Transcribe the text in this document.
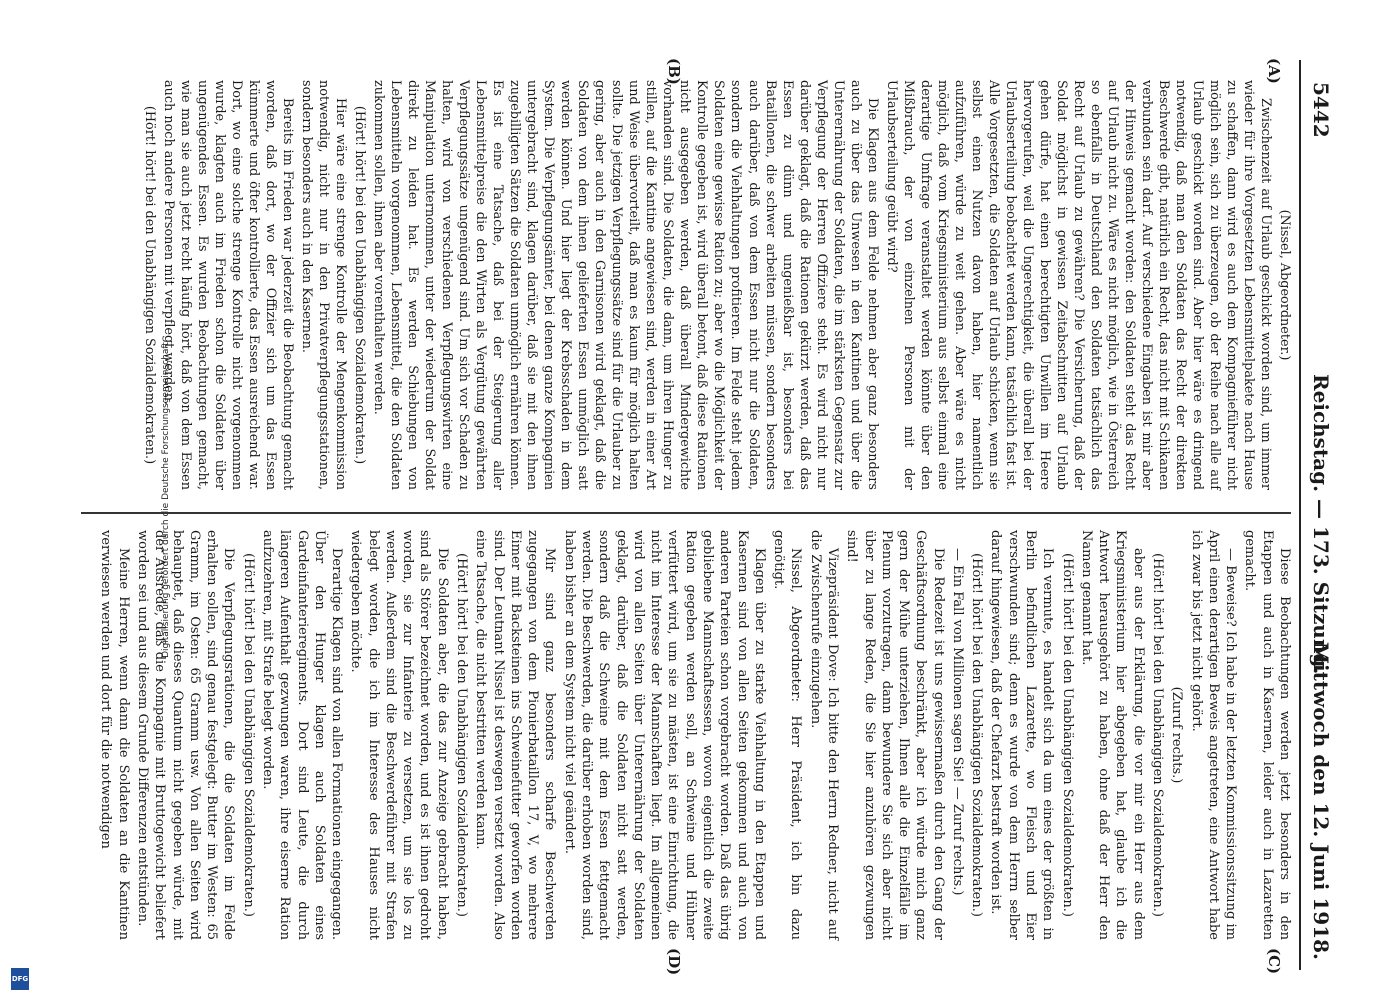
Digitalisierung gefördert durch die Deutsche Forschungsgemeinschaft
DFG
5442
Reichstag. — 173. Sitzung.
Mittwoch den 12. Juni 1918.
(A)
(B)
(C)
(D)

(Nissel, Abgeordneter.)

Zwischenzeit auf Urlaub geschickt worden sind, um immer wieder für ihre Vorgesetzten Lebensmittelpakete nach Hause zu schaffen, dann wird es auch dem Kompagnieführer nicht möglich sein, sich zu überzeugen, ob der Reihe nach alle auf Urlaub geschickt worden sind. Aber hier wäre es dringend notwendig, daß man den Soldaten das Recht der direkten Beschwerde gibt, natürlich ein Recht, das nicht mit Schikanen verbunden sein darf. Auf verschiedene Eingaben ist mir aber der Hinweis gemacht worden: den Soldaten steht das Recht auf Urlaub nicht zu. Wäre es nicht möglich, wie in Österreich so ebenfalls in Deutschland den Soldaten tatsächlich das Recht auf Urlaub zu gewähren? Die Versicherung, daß der Soldat möglichst in gewissen Zeitabschnitten auf Urlaub gehen dürfe, hat einen berechtigten Unwillen im Heere hervorgerufen, weil die Ungerechtigkeit, die überall bei der Urlaubserteilung beobachtet werden kann, tatsächlich fast ist. Alle Vorgesetzten, die Soldaten auf Urlaub schicken, wenn sie selbst einen Nutzen davon haben, hier namentlich aufzuführen, würde zu weit gehen. Aber wäre es nicht möglich, daß vom Kriegsministerium aus selbst einmal eine derartige Umfrage veranstaltet werden könnte über den Mißbrauch, der von einzelnen Personen mit der Urlaubserteilung geübt wird?

Die Klagen aus dem Felde nehmen aber ganz besonders auch zu über das Unwesen in den Kantinen und über die Unterernährung der Soldaten, die im stärksten Gegensatz zur Verpflegung der Herren Offiziere steht. Es wird nicht nur darüber geklagt, daß die Rationen gekürzt werden, daß das Essen zu dünn und ungenießbar ist, besonders bei Bataillonen, die schwer arbeiten müssen, sondern besonders auch darüber, daß von dem Essen nicht nur die Soldaten, sondern die Viehhaltungen profitieren. Im Felde steht jedem Soldaten eine gewisse Ration zu; aber wo die Möglichkeit der Kontrolle gegeben ist, wird überall betont, daß diese Rationen nicht ausgegeben werden, daß überall Mindergewichte vorhanden sind. Die Soldaten, die dann, um ihren Hunger zu stillen, auf die Kantine angewiesen sind, werden in einer Art und Weise übervorteilt, daß man es kaum für möglich halten sollte. Die jetzigen Verpflegungssätze sind für die Urlauber zu gering, aber auch in den Garnisonen wird geklagt, daß die Soldaten von dem ihnen gelieferten Essen unmöglich satt werden können. Und hier liegt der Krebsschaden in dem System. Die Verpflegungsämter, bei denen ganze Kompagnien untergebracht sind, klagen darüber, daß sie mit den ihnen zugebilligten Sätzen die Soldaten unmöglich ernähren können. Es ist eine Tatsache, daß bei der Steigerung aller Lebensmittelpreise die den Wirten als Vergütung gewährten Verpflegungssätze ungenügend sind. Um sich vor Schaden zu halten, wird von verschiedenen Verpflegungswirten eine Manipulation unternommen, unter der wiederum der Soldat direkt zu leiden hat. Es werden Schiebungen von Lebensmitteln vorgenommen, Lebensmittel, die den Soldaten zukommen sollen, ihnen aber vorenthalten werden.

(Hört! hört! bei den Unabhängigen Sozialdemokraten.)

Hier wäre eine strenge Kontrolle der Mengenkommission notwendig, nicht nur in den Privatverpflegungsstationen, sondern besonders auch in den Kasernen.

Bereits im Frieden war jederzeit die Beobachtung gemacht worden, daß dort, wo der Offizier sich um das Essen kümmerte und öfter kontrollierte, das Essen ausreichend war. Dort, wo eine solche strenge Kontrolle nicht vorgenommen wurde, klagten auch im Frieden schon die Soldaten über ungenügendes Essen. Es wurden Beobachtungen gemacht, wie man sie auch jetzt recht häufig hört, daß von dem Essen auch noch andere Personen mit verpflegt werden.

(Hört! hört! bei den Unabhängigen Sozialdemokraten.)

Diese Beobachtungen werden jetzt besonders in den Etappen und auch in Kasernen, leider auch in Lazaretten gemacht.

— Beweise? Ich habe in der letzten Kommissionssitzung im April einen derartigen Beweis angetreten, eine Antwort habe ich zwar bis jetzt nicht gehört.

(Zuruf rechts.)

(Hört! hört! bei den Unabhängigen Sozialdemokraten.)

aber aus der Erklärung, die vor mir ein Herr aus dem Kriegsministerium hier abgegeben hat, glaube ich die Antwort herausgehört zu haben, ohne daß der Herr den Namen genannt hat.

(Hört! hört! bei den Unabhängigen Sozialdemokraten.)

Ich vermute, es handelt sich da um eines der größten in Berlin befindlichen Lazarette, wo Fleisch und Eier verschwunden sind; denn es wurde von dem Herrn selber darauf hingewiesen, daß der Chefarzt bestraft worden ist.

(Hört! hört! bei den Unabhängigen Sozialdemokraten.)

— Ein Fall von Millionen sagen Sie! — Zuruf rechts.)

Die Redezeit ist uns gewissermaßen durch den Gang der Geschäftsordnung beschränkt, aber ich würde mich ganz gern der Mühe unterziehen, Ihnen alle die Einzelfälle im Plenum vorzutragen, dann bewundere Sie sich aber nicht über zu lange Reden, die Sie hier anzuhören gezwungen sind!

Vizepräsident Dove: Ich bitte den Herrn Redner, nicht auf die Zwischenrufe einzugehen.

Nissel, Abgeordneter: Herr Präsident, ich bin dazu genötigt.

Klagen über zu starke Viehhaltung in den Etappen und Kasernen sind von allen Seiten gekommen und auch von anderen Parteien schon vorgebracht worden. Daß das übrig gebliebene Mannschaftsessen, wovon eigentlich die zweite Ration gegeben werden soll, an Schweine und Hühner verfüttert wird, um sie zu mästen, ist eine Einrichtung, die nicht im Interesse der Mannschaften liegt. Im allgemeinen wird von allen Seiten über Unterernährung der Soldaten geklagt, darüber, daß die Soldaten nicht satt werden, sondern daß die Schweine mit dem Essen fettgemacht werden. Die Beschwerden, die darüber erhoben worden sind, haben bisher an dem System nicht viel geändert.

Mir sind ganz besonders scharfe Beschwerden zugegangen von dem Pionierbataillon 17, V, wo mehrere Eimer mit Backsteinen ins Schweinefutter geworfen worden sind. Der Leutnant Nissel ist deswegen versetzt worden. Also eine Tatsache, die nicht bestritten werden kann.

(Hört! hört! bei den Unabhängigen Sozialdemokraten.)

Die Soldaten aber, die das zur Anzeige gebracht haben, sind als Störer bezeichnet worden, und es ist ihnen gedroht worden, sie zur Infanterie zu versetzen, um sie los zu werden. Außerdem sind die Beschwerdeführer mit Strafen belegt worden, die ich im Interesse des Hauses nicht wiedergeben möchte.

Derartige Klagen sind von allen Formationen eingegangen. Über den Hunger klagen auch Soldaten eines Gardeinfanterieregiments. Dort sind Leute, die durch längeren Aufenthalt gezwungen waren, ihre eiserne Ration aufzuzehren, mit Strafe belegt worden.

(Hört! hört! bei den Unabhängigen Sozialdemokraten.)

Die Verpflegungsrationen, die die Soldaten im Felde erhalten sollen, sind genau festgelegt: Butter im Westen: 65 Gramm, im Osten: 65 Gramm usw. Von allen Seiten wird behauptet, daß dieses Quantum nicht gegeben würde, mit der Ausrede, daß die Kompagnie mit Bruttogewicht beliefert worden sei und aus diesem Grunde Differenzen entstünden.

Meine Herren, wenn dann die Soldaten an die Kantinen verwiesen werden und dort für die notwendigen
